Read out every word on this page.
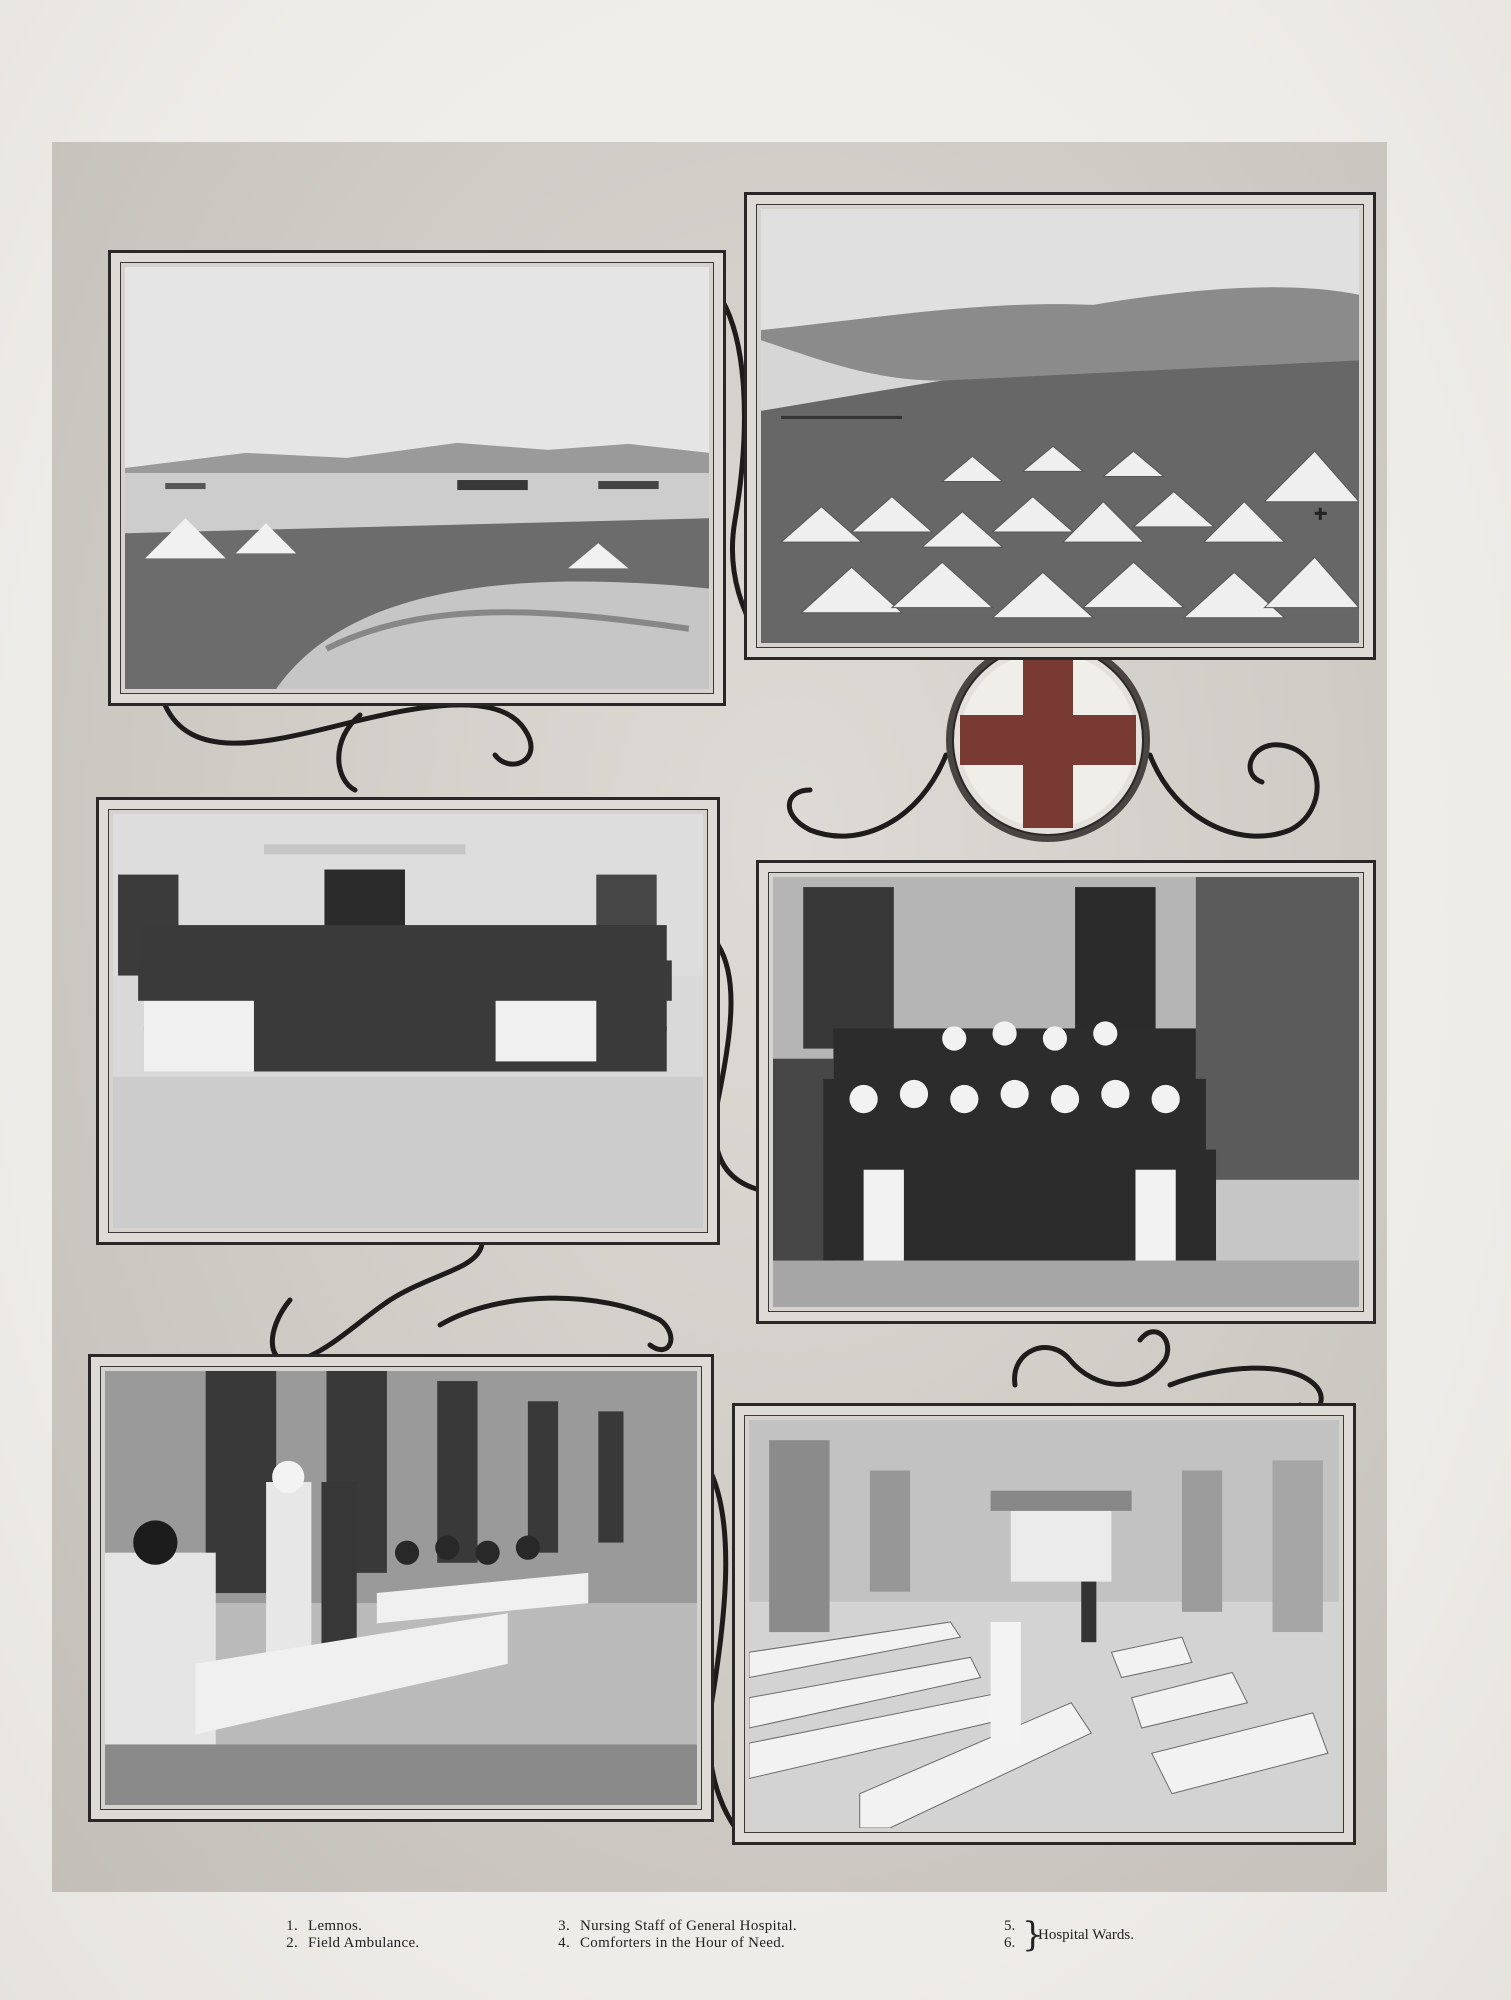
1. Lemnos.
2. Field Ambulance.
3. Nursing Staff of General Hospital.
4. Comforters in the Hour of Need.
5.
6. }
Hospital Wards.
